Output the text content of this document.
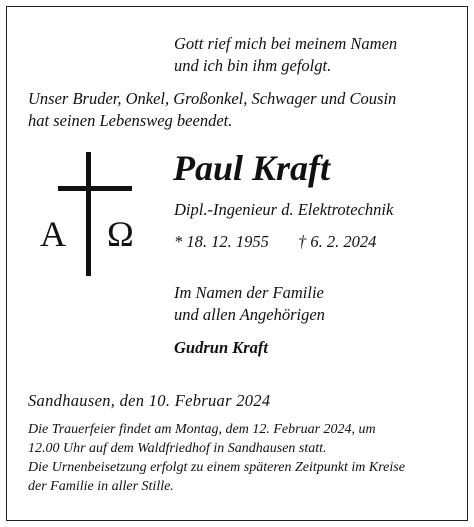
Gott rief mich bei meinem Namen
und ich bin ihm gefolgt.
Unser Bruder, Onkel, Großonkel, Schwager und Cousin
hat seinen Lebensweg beendet.
A Ω
Paul Kraft
Dipl.-Ingenieur d. Elektrotechnik
* 18. 12. 1955 † 6. 2. 2024
Im Namen der Familie
und allen Angehörigen
Gudrun Kraft
Sandhausen, den 10. Februar 2024
Die Trauerfeier findet am Montag, dem 12. Februar 2024, um
12.00 Uhr auf dem Waldfriedhof in Sandhausen statt.
Die Urnenbeisetzung erfolgt zu einem späteren Zeitpunkt im Kreise
der Familie in aller Stille.
